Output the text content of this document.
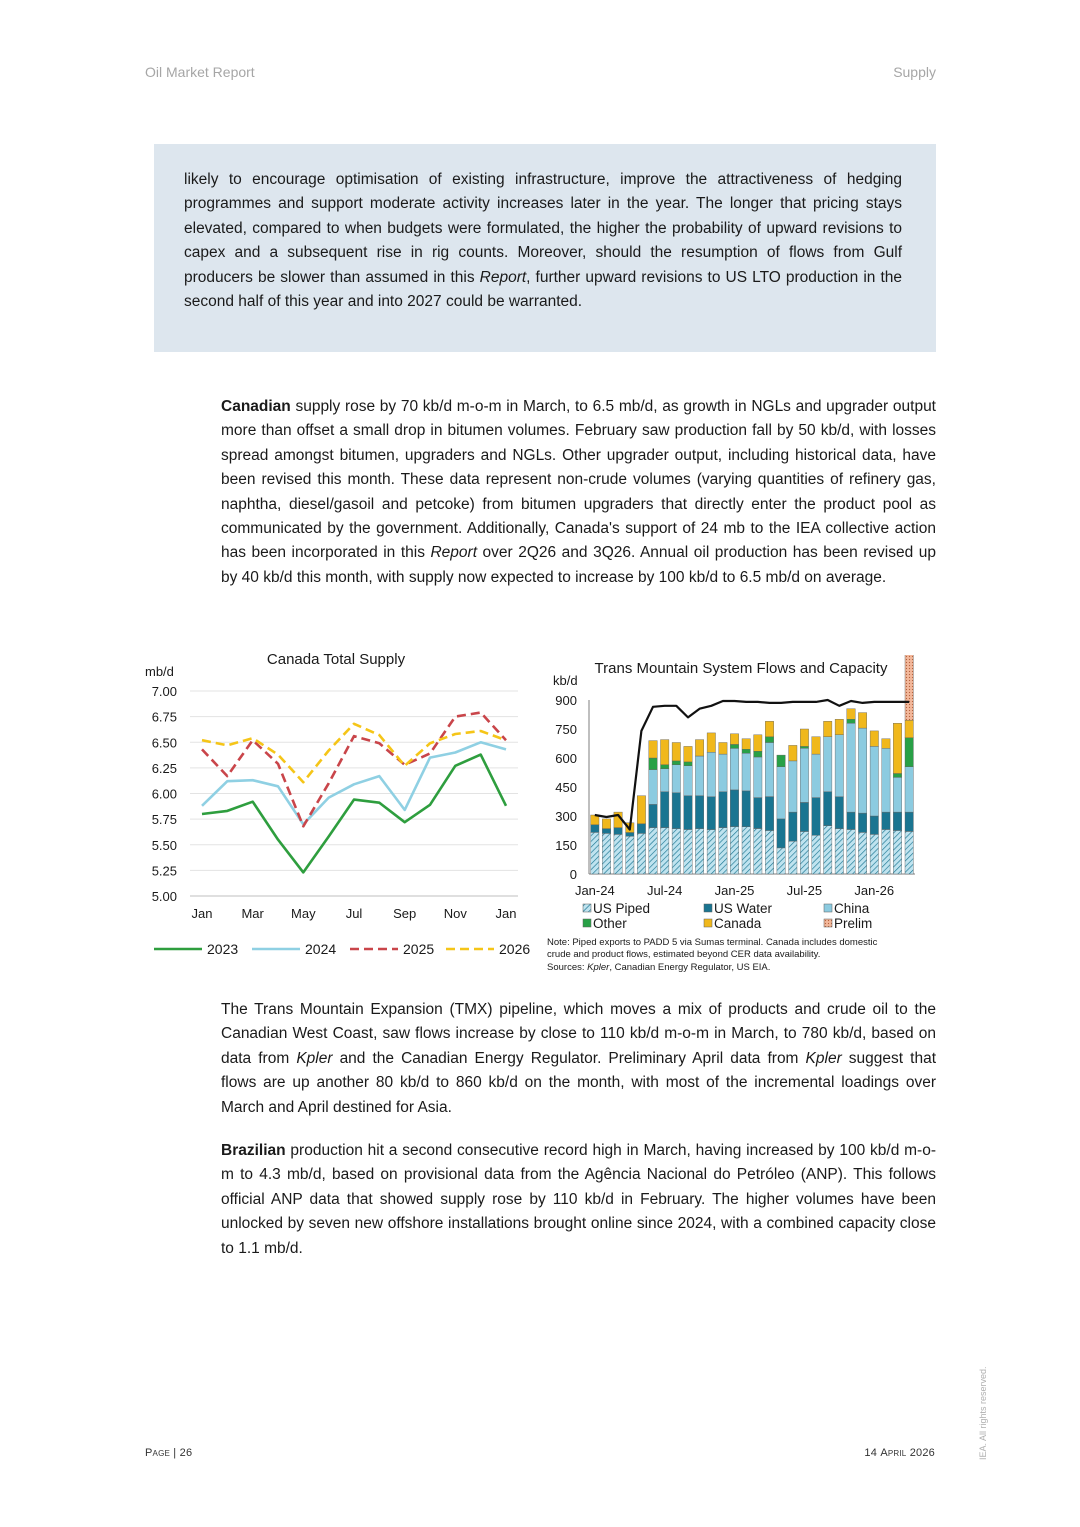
Oil Market Report	Supply

likely to encourage optimisation of existing infrastructure, improve the attractiveness of hedging programmes and support moderate activity increases later in the year. The longer that pricing stays elevated, compared to when budgets were formulated, the higher the probability of upward revisions to capex and a subsequent rise in rig counts. Moreover, should the resumption of flows from Gulf producers be slower than assumed in this Report, further upward revisions to US LTO production in the second half of this year and into 2027 could be warranted.

Canadian supply rose by 70 kb/d m-o-m in March, to 6.5 mb/d, as growth in NGLs and upgrader output more than offset a small drop in bitumen volumes. February saw production fall by 50 kb/d, with losses spread amongst bitumen, upgraders and NGLs. Other upgrader output, including historical data, have been revised this month. These data represent non-crude volumes (varying quantities of refinery gas, naphtha, diesel/gasoil and petcoke) from bitumen upgraders that directly enter the product pool as communicated by the government. Additionally, Canada's support of 24 mb to the IEA collective action has been incorporated in this Report over 2Q26 and 3Q26. Annual oil production has been revised up by 40 kb/d this month, with supply now expected to increase by 100 kb/d to 6.5 mb/d on average.

Canada Total Supply
mb/d
5.00
5.25
5.50
5.75
6.00
6.25
6.50
6.75
7.00
Jan Mar May Jul Sep Nov Jan
2023	2024	2025	2026
Trans Mountain System Flows and Capacity
kb/d
0
150
300
450
600
750
900
Jan-24 Jul-24 Jan-25 Jul-25 Jan-26
US Piped	US Water	China
Other	Canada	Prelim
Note: Piped exports to PADD 5 via Sumas terminal. Canada includes domestic crude and product flows, estimated beyond CER data availability.
Sources: Kpler, Canadian Energy Regulator, US EIA.

The Trans Mountain Expansion (TMX) pipeline, which moves a mix of products and crude oil to the Canadian West Coast, saw flows increase by close to 110 kb/d m-o-m in March, to 780 kb/d, based on data from Kpler and the Canadian Energy Regulator. Preliminary April data from Kpler suggest that flows are up another 80 kb/d to 860 kb/d on the month, with most of the incremental loadings over March and April destined for Asia.

Brazilian production hit a second consecutive record high in March, having increased by 100 kb/d m-o-m to 4.3 mb/d, based on provisional data from the Agência Nacional do Petróleo (ANP). This follows official ANP data that showed supply rose by 110 kb/d in February. The higher volumes have been unlocked by seven new offshore installations brought online since 2024, with a combined capacity close to 1.1 mb/d.

Page | 26	14 April 2026	IEA. All rights reserved.
